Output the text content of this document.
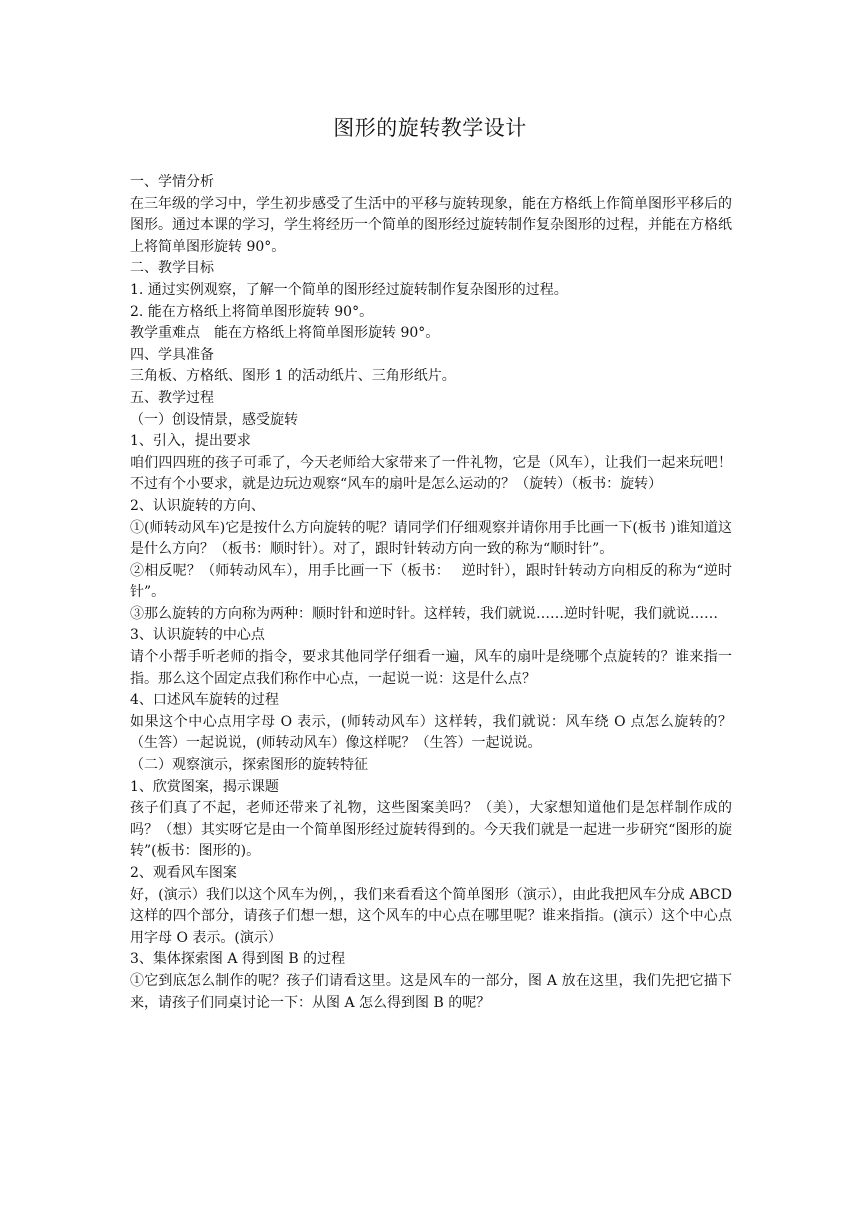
图形的旋转教学设计

一、学情分析

在三年级的学习中，学生初步感受了生活中的平移与旋转现象，能在方格纸上作简单图形平移后的图形。通过本课的学习，学生将经历一个简单的图形经过旋转制作复杂图形的过程，并能在方格纸上将简单图形旋转 90°。

二、教学目标

1. 通过实例观察，了解一个简单的图形经过旋转制作复杂图形的过程。

2. 能在方格纸上将简单图形旋转 90°。

教学重难点　能在方格纸上将简单图形旋转 90°。

四、学具准备

三角板、方格纸、图形 1 的活动纸片、三角形纸片。

五、教学过程

（一）创设情景，感受旋转

1、引入，提出要求

咱们四四班的孩子可乖了，今天老师给大家带来了一件礼物，它是（风车），让我们一起来玩吧！不过有个小要求，就是边玩边观察“风车的扇叶是怎么运动的？（旋转）（板书：旋转）

2、认识旋转的方向、

①(师转动风车)它是按什么方向旋转的呢？请同学们仔细观察并请你用手比画一下(板书 )谁知道这是什么方向？（板书：顺时针）。对了，跟时针转动方向一致的称为“顺时针”。

②相反呢？（师转动风车），用手比画一下（板书：　 逆时针），跟时针转动方向相反的称为“逆时针”。

③那么旋转的方向称为两种：顺时针和逆时针。这样转，我们就说……逆时针呢，我们就说……

3、认识旋转的中心点

请个小帮手听老师的指令，要求其他同学仔细看一遍，风车的扇叶是绕哪个点旋转的？谁来指一指。那么这个固定点我们称作中心点，一起说一说：这是什么点？

4、口述风车旋转的过程

如果这个中心点用字母 O 表示，(师转动风车）这样转，我们就说：风车绕 O 点怎么旋转的？（生答）一起说说，(师转动风车）像这样呢？（生答）一起说说。

（二）观察演示，探索图形的旋转特征

1、欣赏图案，揭示课题

孩子们真了不起，老师还带来了礼物，这些图案美吗？（美），大家想知道他们是怎样制作成的吗？（想）其实呀它是由一个简单图形经过旋转得到的。今天我们就是一起进一步研究“图形的旋转”(板书：图形的)。

2、观看风车图案

好，(演示）我们以这个风车为例，，我们来看看这个简单图形（演示），由此我把风车分成 ABCD 这样的四个部分，请孩子们想一想，这个风车的中心点在哪里呢？谁来指指。(演示）这个中心点用字母 O 表示。(演示）

3、集体探索图 A 得到图 B 的过程

①它到底怎么制作的呢？孩子们请看这里。这是风车的一部分，图 A 放在这里，我们先把它描下来，请孩子们同桌讨论一下：从图 A 怎么得到图 B 的呢？
